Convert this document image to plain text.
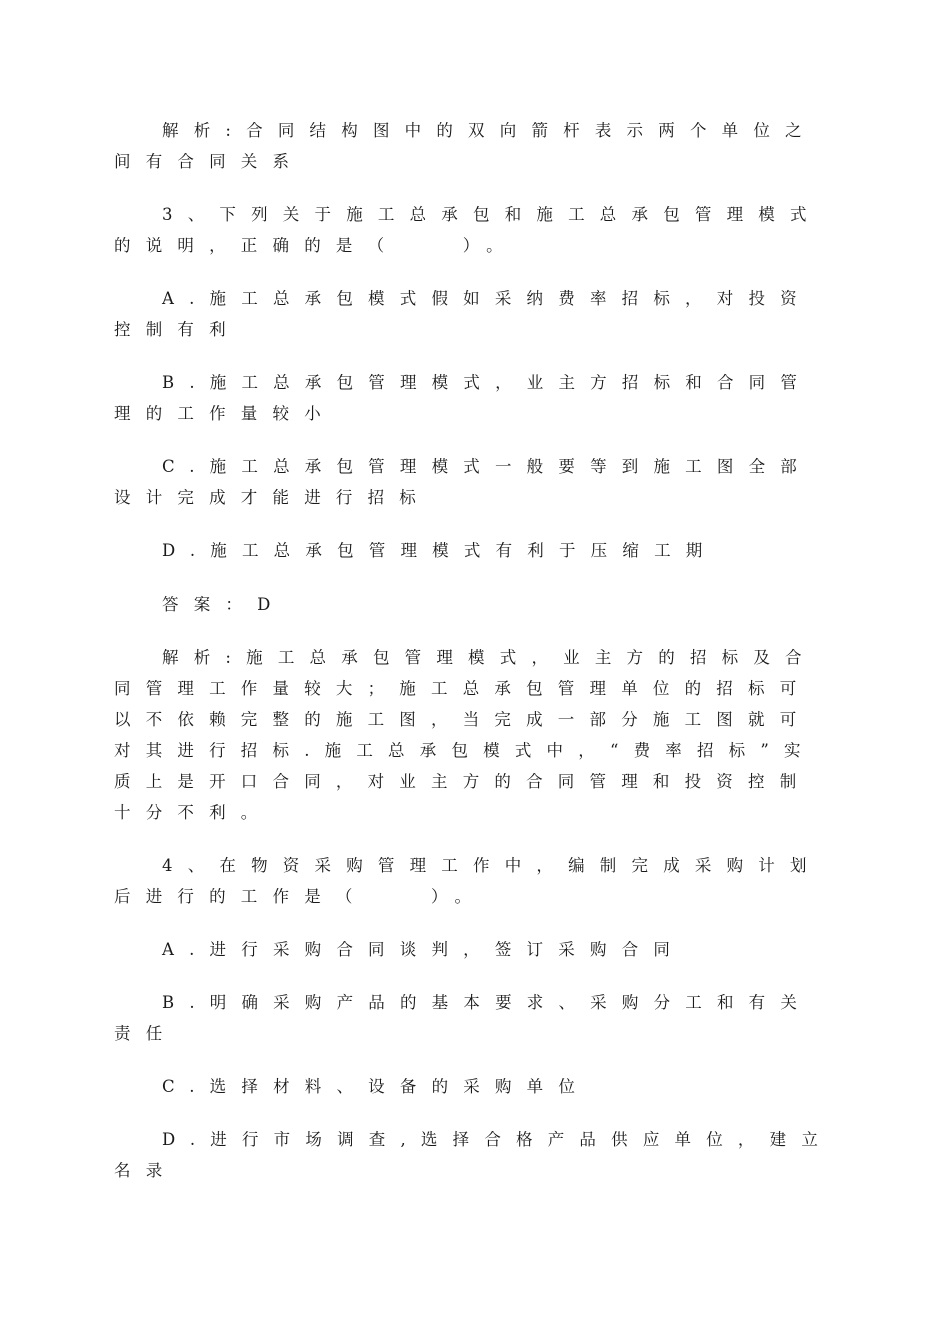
解析:合同结构图中的双向箭杆表示两个单位之间有合同关系

3、下列关于施工总承包和施工总承包管理模式的说明，正确的是（　　）。

A.施工总承包模式假如采纳费率招标，对投资控制有利

B.施工总承包管理模式，业主方招标和合同管理的工作量较小

C.施工总承包管理模式一般要等到施工图全部设计完成才能进行招标

D.施工总承包管理模式有利于压缩工期

答案：D

解析:施工总承包管理模式，业主方的招标及合同管理工作量较大；施工总承包管理单位的招标可以不依赖完整的施工图，当完成一部分施工图就可对其进行招标.施工总承包模式中，“费率招标”实质上是开口合同，对业主方的合同管理和投资控制十分不利。

4、在物资采购管理工作中，编制完成采购计划后进行的工作是（　　）。

A.进行采购合同谈判，签订采购合同

B.明确采购产品的基本要求、采购分工和有关责任

C.选择材料、设备的采购单位

D.进行市场调查,选择合格产品供应单位，建立名录
